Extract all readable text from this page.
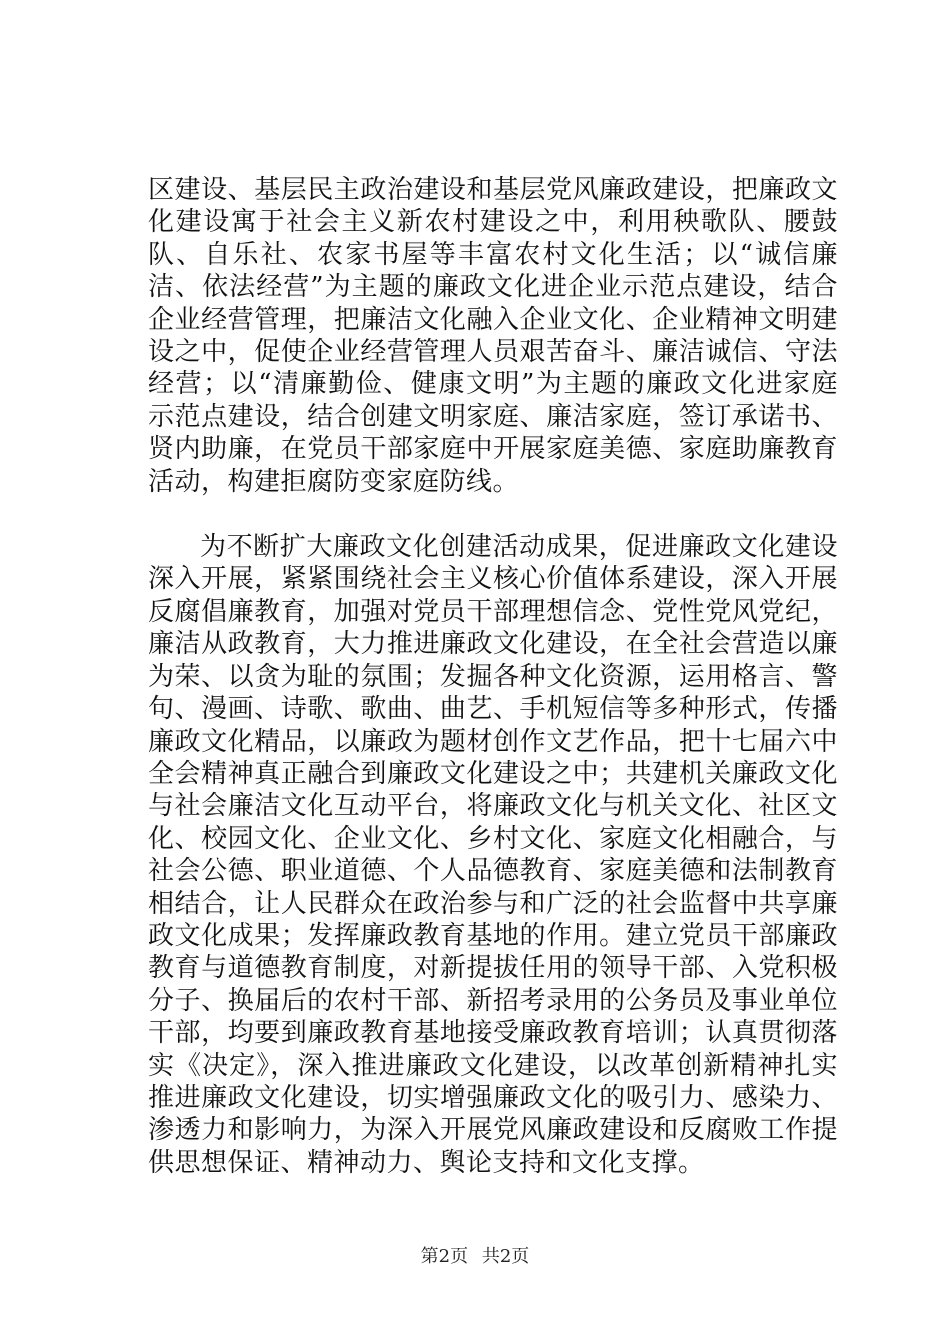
区建设、基层民主政治建设和基层党风廉政建设，把廉政文化建设寓于社会主义新农村建设之中，利用秧歌队、腰鼓队、自乐社、农家书屋等丰富农村文化生活；以“诚信廉洁、依法经营”为主题的廉政文化进企业示范点建设，结合企业经营管理，把廉洁文化融入企业文化、企业精神文明建设之中，促使企业经营管理人员艰苦奋斗、廉洁诚信、守法经营；以“清廉勤俭、健康文明”为主题的廉政文化进家庭示范点建设，结合创建文明家庭、廉洁家庭，签订承诺书、贤内助廉，在党员干部家庭中开展家庭美德、家庭助廉教育活动，构建拒腐防变家庭防线。

为不断扩大廉政文化创建活动成果，促进廉政文化建设深入开展，紧紧围绕社会主义核心价值体系建设，深入开展反腐倡廉教育，加强对党员干部理想信念、党性党风党纪，廉洁从政教育，大力推进廉政文化建设，在全社会营造以廉为荣、以贪为耻的氛围；发掘各种文化资源，运用格言、警句、漫画、诗歌、歌曲、曲艺、手机短信等多种形式，传播廉政文化精品，以廉政为题材创作文艺作品，把十七届六中全会精神真正融合到廉政文化建设之中；共建机关廉政文化与社会廉洁文化互动平台，将廉政文化与机关文化、社区文化、校园文化、企业文化、乡村文化、家庭文化相融合，与社会公德、职业道德、个人品德教育、家庭美德和法制教育相结合，让人民群众在政治参与和广泛的社会监督中共享廉政文化成果；发挥廉政教育基地的作用。建立党员干部廉政教育与道德教育制度，对新提拔任用的领导干部、入党积极分子、换届后的农村干部、新招考录用的公务员及事业单位干部，均要到廉政教育基地接受廉政教育培训；认真贯彻落实《决定》，深入推进廉政文化建设，以改革创新精神扎实推进廉政文化建设，切实增强廉政文化的吸引力、感染力、渗透力和影响力，为深入开展党风廉政建设和反腐败工作提供思想保证、精神动力、舆论支持和文化支撑。

第2页 共2页
